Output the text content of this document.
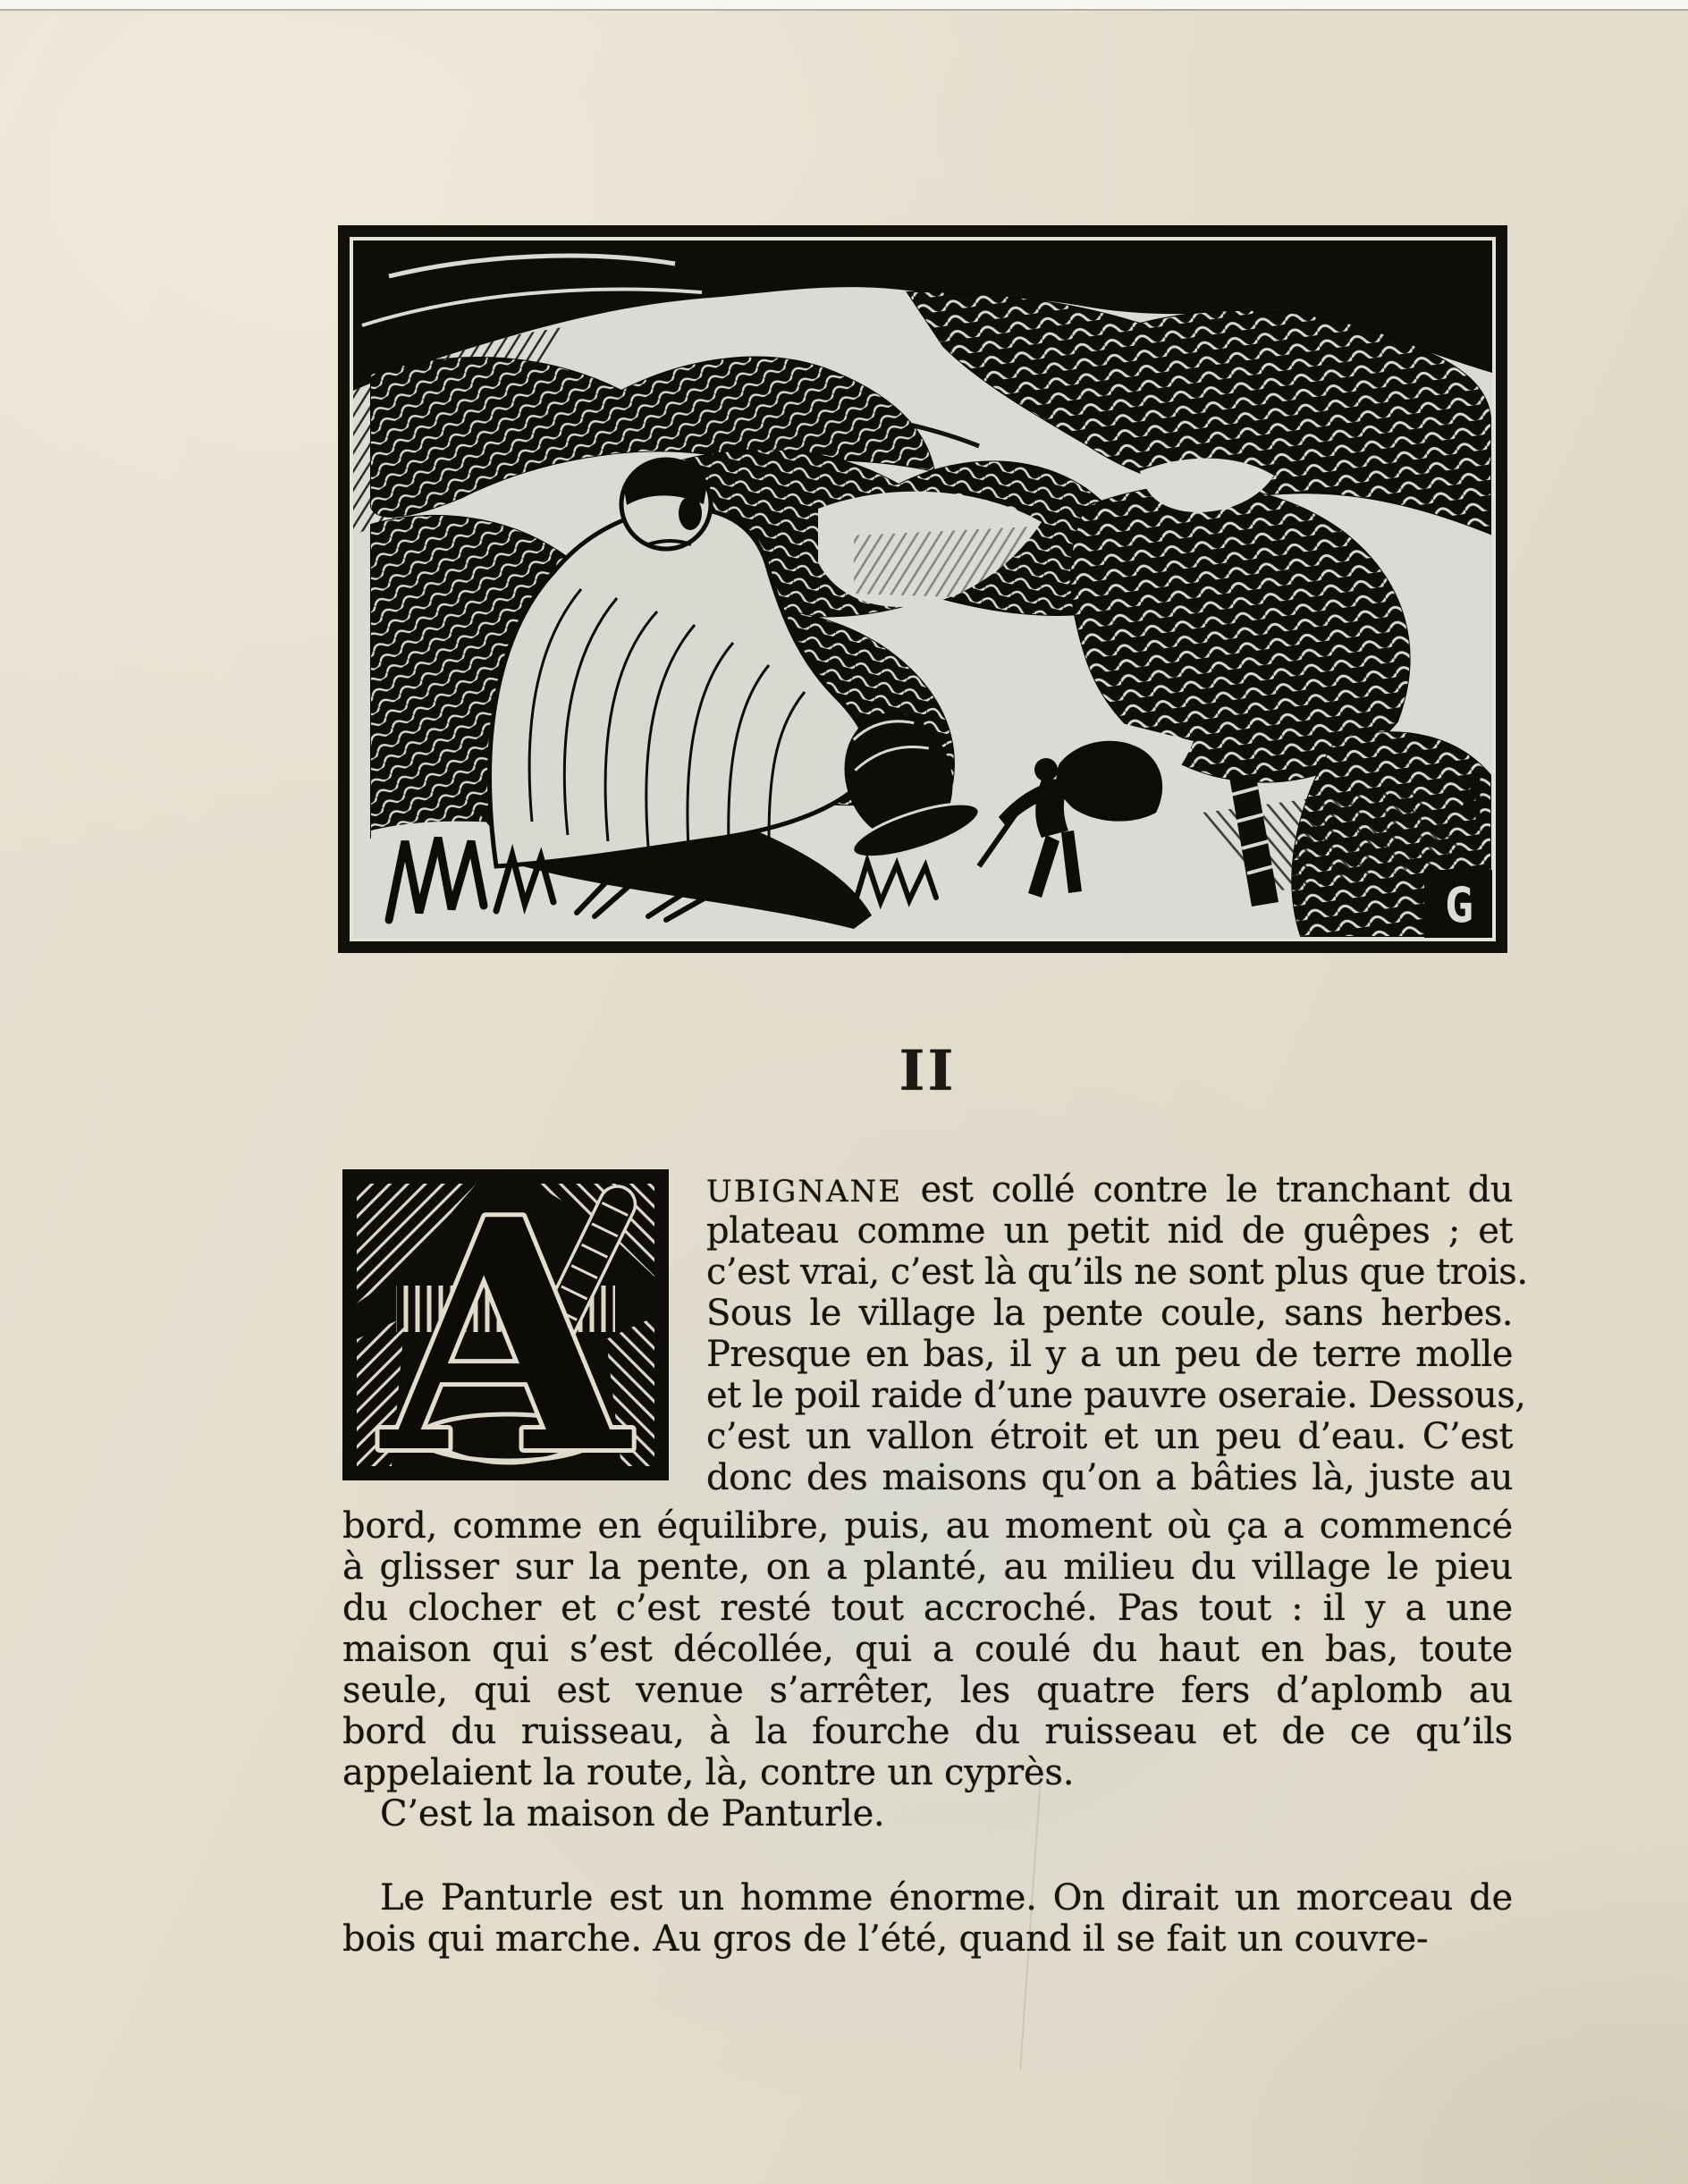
G
II
A	UBIGNANE est collé contre le tranchant du
plateau comme un petit nid de guêpes ; et
c’est vrai, c’est là qu’ils ne sont plus que trois.
Sous le village la pente coule, sans herbes.
Presque en bas, il y a un peu de terre molle
et le poil raide d’une pauvre oseraie. Dessous,
c’est un vallon étroit et un peu d’eau. C’est
donc des maisons qu’on a bâties là, juste au
bord, comme en équilibre, puis, au moment où ça a commencé
à glisser sur la pente, on a planté, au milieu du village le pieu
du clocher et c’est resté tout accroché. Pas tout : il y a une
maison qui s’est décollée, qui a coulé du haut en bas, toute
seule, qui est venue s’arrêter, les quatre fers d’aplomb au
bord du ruisseau, à la fourche du ruisseau et de ce qu’ils
appelaient la route, là, contre un cyprès.
C’est la maison de Panturle.
Le Panturle est un homme énorme. On dirait un morceau de
bois qui marche. Au gros de l’été, quand il se fait un couvre-
